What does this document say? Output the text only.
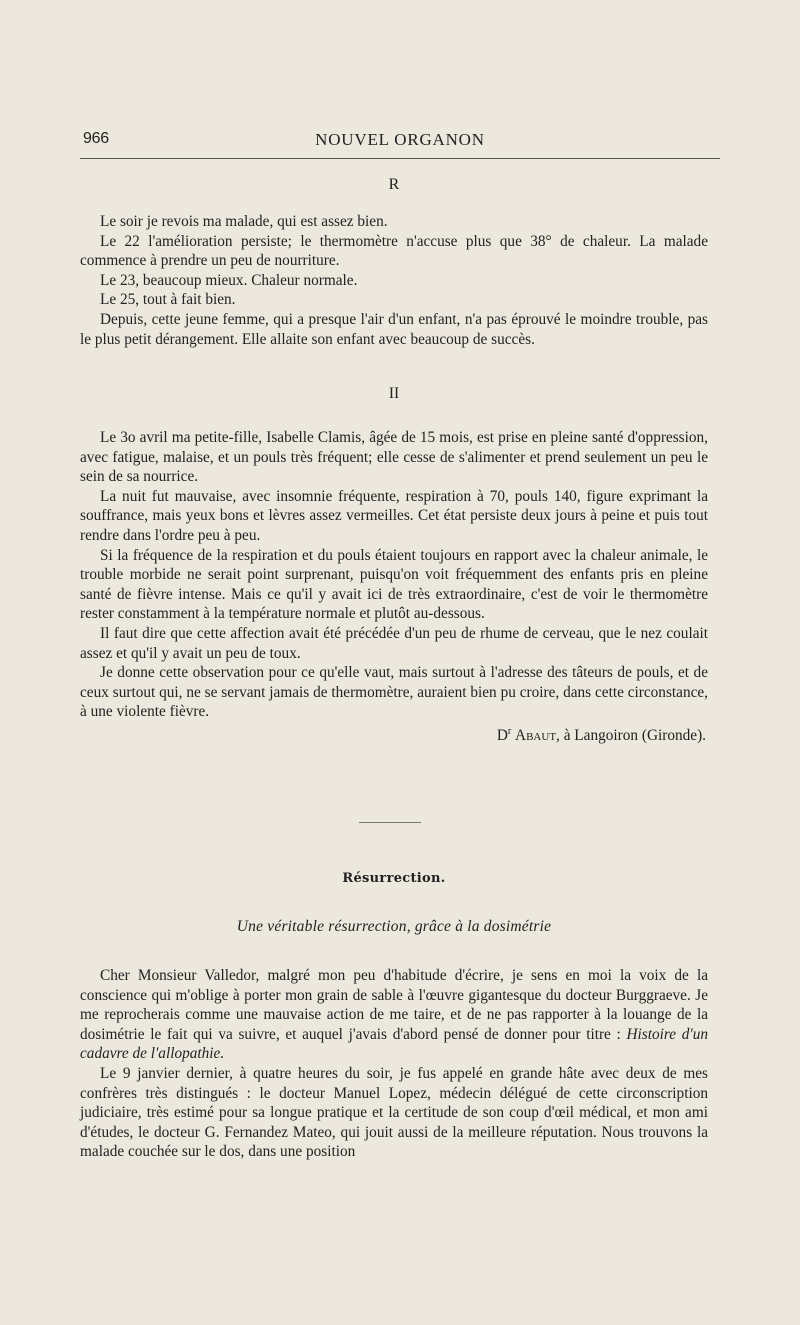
966	NOUVEL ORGANON
R

Le soir je revois ma malade, qui est assez bien.

Le 22 l'amélioration persiste; le thermomètre n'accuse plus que 38° de chaleur. La malade commence à prendre un peu de nourriture.

Le 23, beaucoup mieux. Chaleur normale.

Le 25, tout à fait bien.

Depuis, cette jeune femme, qui a presque l'air d'un enfant, n'a pas éprouvé le moindre trouble, pas le plus petit dérangement. Elle allaite son enfant avec beaucoup de succès.

II

Le 3o avril ma petite-fille, Isabelle Clamis, âgée de 15 mois, est prise en pleine santé d'oppression, avec fatigue, malaise, et un pouls très fréquent; elle cesse de s'alimenter et prend seulement un peu le sein de sa nourrice.

La nuit fut mauvaise, avec insomnie fréquente, respiration à 70, pouls 140, figure exprimant la souffrance, mais yeux bons et lèvres assez vermeilles. Cet état persiste deux jours à peine et puis tout rendre dans l'ordre peu à peu.

Si la fréquence de la respiration et du pouls étaient toujours en rapport avec la chaleur animale, le trouble morbide ne serait point surprenant, puisqu'on voit fréquemment des enfants pris en pleine santé de fièvre intense. Mais ce qu'il y avait ici de très extraordinaire, c'est de voir le thermomètre rester constamment à la température normale et plutôt au-dessous.

Il faut dire que cette affection avait été précédée d'un peu de rhume de cerveau, que le nez coulait assez et qu'il y avait un peu de toux.

Je donne cette observation pour ce qu'elle vaut, mais surtout à l'adresse des tâteurs de pouls, et de ceux surtout qui, ne se servant jamais de thermomètre, auraient bien pu croire, dans cette circonstance, à une violente fièvre.

$D^r$ Abaut, à Langoiron (Gironde).

Résurrection.
Une véritable résurrection, grâce à la dosimétrie

Cher Monsieur Valledor, malgré mon peu d'habitude d'écrire, je sens en moi la voix de la conscience qui m'oblige à porter mon grain de sable à l'œuvre gigantesque du docteur Burggraeve. Je me reprocherais comme une mauvaise action de me taire, et de ne pas rapporter à la louange de la dosimétrie le fait qui va suivre, et auquel j'avais d'abord pensé de donner pour titre : Histoire d'un cadavre de l'allopathie.

Le 9 janvier dernier, à quatre heures du soir, je fus appelé en grande hâte avec deux de mes confrères très distingués : le docteur Manuel Lopez, médecin délégué de cette circonscription judiciaire, très estimé pour sa longue pratique et la certitude de son coup d'œil médical, et mon ami d'études, le docteur G. Fernandez Mateo, qui jouit aussi de la meilleure réputation. Nous trouvons la malade couchée sur le dos, dans une position
